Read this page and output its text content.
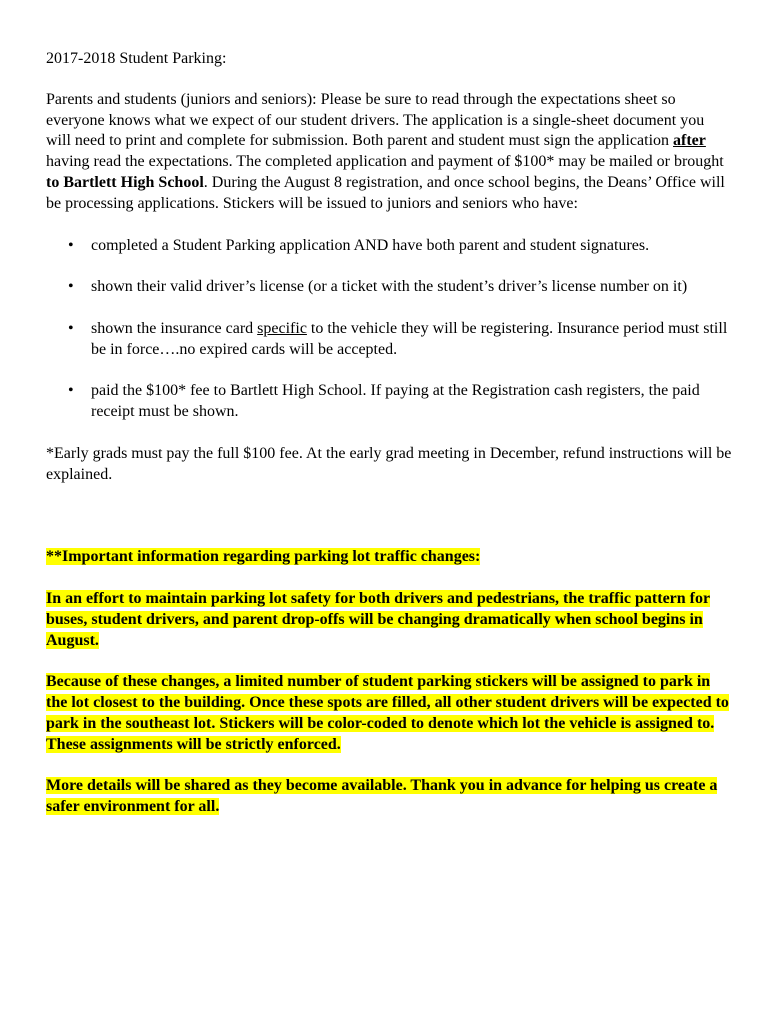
2017-2018 Student Parking:

Parents and students (juniors and seniors): Please be sure to read through the expectations sheet so everyone knows what we expect of our student drivers. The application is a single-sheet document you will need to print and complete for submission. Both parent and student must sign the application after having read the expectations. The completed application and payment of $100* may be mailed or brought to Bartlett High School. During the August 8 registration, and once school begins, the Deans’ Office will be processing applications. Stickers will be issued to juniors and seniors who have:

• completed a Student Parking application AND have both parent and student signatures.
• shown their valid driver’s license (or a ticket with the student’s driver’s license number on it)
• shown the insurance card specific to the vehicle they will be registering. Insurance period must still be in force….no expired cards will be accepted.
• paid the $100* fee to Bartlett High School. If paying at the Registration cash registers, the paid receipt must be shown.

*Early grads must pay the full $100 fee. At the early grad meeting in December, refund instructions will be explained.

**Important information regarding parking lot traffic changes:

In an effort to maintain parking lot safety for both drivers and pedestrians, the traffic pattern for buses, student drivers, and parent drop-offs will be changing dramatically when school begins in August.

Because of these changes, a limited number of student parking stickers will be assigned to park in the lot closest to the building. Once these spots are filled, all other student drivers will be expected to park in the southeast lot. Stickers will be color-coded to denote which lot the vehicle is assigned to. These assignments will be strictly enforced.

More details will be shared as they become available. Thank you in advance for helping us create a safer environment for all.
